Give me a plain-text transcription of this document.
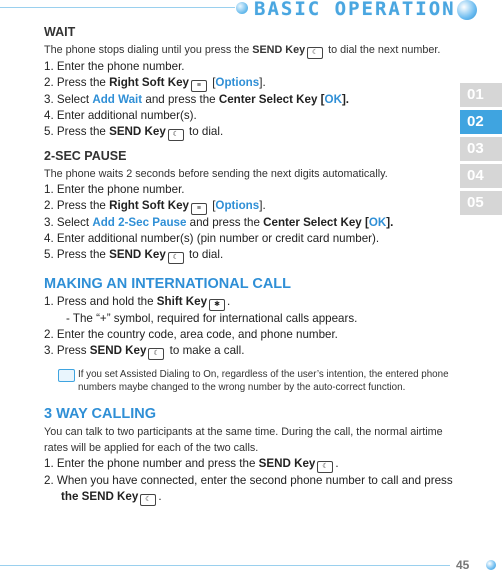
BASIC OPERATION
01
02
03
04
05

WAIT

The phone stops dialing until you press the SEND Key ☾ to dial the next number.

1. Enter the phone number.

2. Press the Right Soft Key ≡ [Options].

3. Select Add Wait and press the Center Select Key [OK].

4. Enter additional number(s).

5. Press the SEND Key ☾ to dial.

2-SEC PAUSE

The phone waits 2 seconds before sending the next digits automatically.

1. Enter the phone number.

2. Press the Right Soft Key ≡ [Options].

3. Select Add 2-Sec Pause and press the Center Select Key [OK].

4. Enter additional number(s) (pin number or credit card number).

5. Press the SEND Key ☾ to dial.

MAKING AN INTERNATIONAL CALL

1. Press and hold the Shift Key ✱ .

- The “+” symbol, required for international calls appears.

2. Enter the country code, area code, and phone number.

3. Press SEND Key ☾ to make a call.

If you set Assisted Dialing to On, regardless of the user’s intention, the entered phone numbers maybe changed to the wrong number by the auto-correct function.

3 WAY CALLING

You can talk to two participants at the same time. During the call, the normal airtime rates will be applied for each of the two calls.

1. Enter the phone number and press the SEND Key ☾ .

2. When you have connected, enter the second phone number to call and press

the SEND Key ☾ .

45
